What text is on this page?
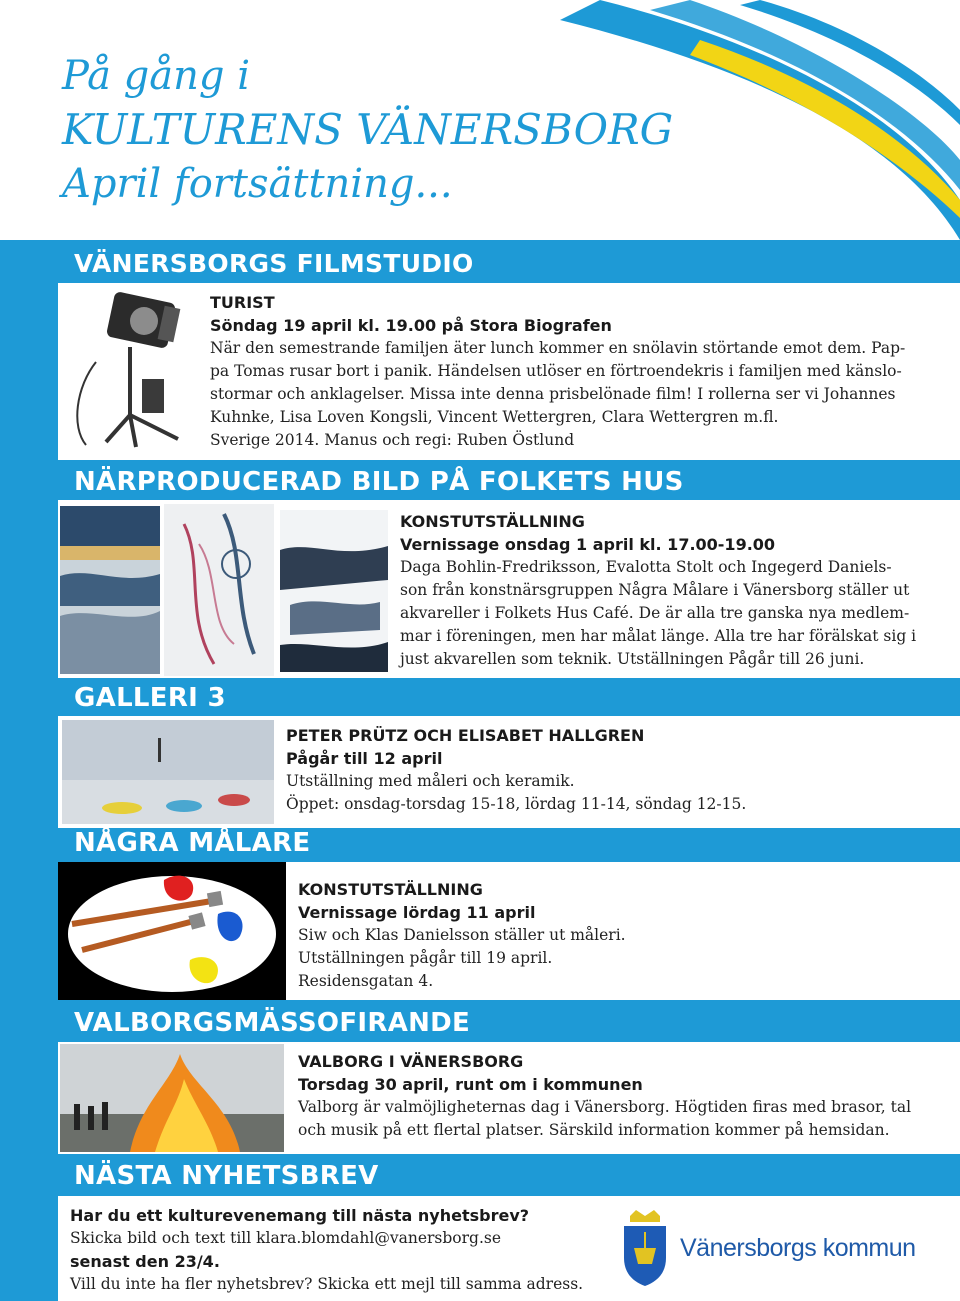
På gång i
KULTURENS VÄNERSBORG
April fortsättning...
VÄNERSBORGS FILMSTUDIO
TURIST
Söndag 19 april kl. 19.00 på Stora Biografen
När den semestrande familjen äter lunch kommer en snölavin störtande emot dem. Pap-
pa Tomas rusar bort i panik. Händelsen utlöser en förtroendekris i familjen med känslo-
stormar och anklagelser. Missa inte denna prisbelönade film! I rollerna ser vi Johannes
Kuhnke, Lisa Loven Kongsli, Vincent Wettergren, Clara Wettergren m.fl.
Sverige 2014. Manus och regi: Ruben Östlund
NÄRPRODUCERAD BILD PÅ FOLKETS HUS
KONSTUTSTÄLLNING
Vernissage onsdag 1 april kl. 17.00-19.00
Daga Bohlin-Fredriksson, Evalotta Stolt och Ingegerd Daniels-
son från konstnärsgruppen Några Målare i Vänersborg ställer ut
akvareller i Folkets Hus Café. De är alla tre ganska nya medlem-
mar i föreningen, men har målat länge. Alla tre har förälskat sig i
just akvarellen som teknik. Utställningen Pågår till 26 juni.
GALLERI 3
PETER PRÜTZ OCH ELISABET HALLGREN
Pågår till 12 april
Utställning med måleri och keramik.
Öppet: onsdag-torsdag 15-18, lördag 11-14, söndag 12-15.
NÅGRA MÅLARE
KONSTUTSTÄLLNING
Vernissage lördag 11 april
Siw och Klas Danielsson ställer ut måleri.
Utställningen pågår till 19 april.
Residensgatan 4.
VALBORGSMÄSSOFIRANDE
VALBORG I VÄNERSBORG
Torsdag 30 april, runt om i kommunen
Valborg är valmöjligheternas dag i Vänersborg. Högtiden firas med brasor, tal
och musik på ett flertal platser. Särskild information kommer på hemsidan.
NÄSTA NYHETSBREV
Har du ett kulturevenemang till nästa nyhetsbrev?
Skicka bild och text till klara.blomdahl@vanersborg.se
senast den 23/4.
Vill du inte ha fler nyhetsbrev? Skicka ett mejl till samma adress.
Vänersborgs kommun
